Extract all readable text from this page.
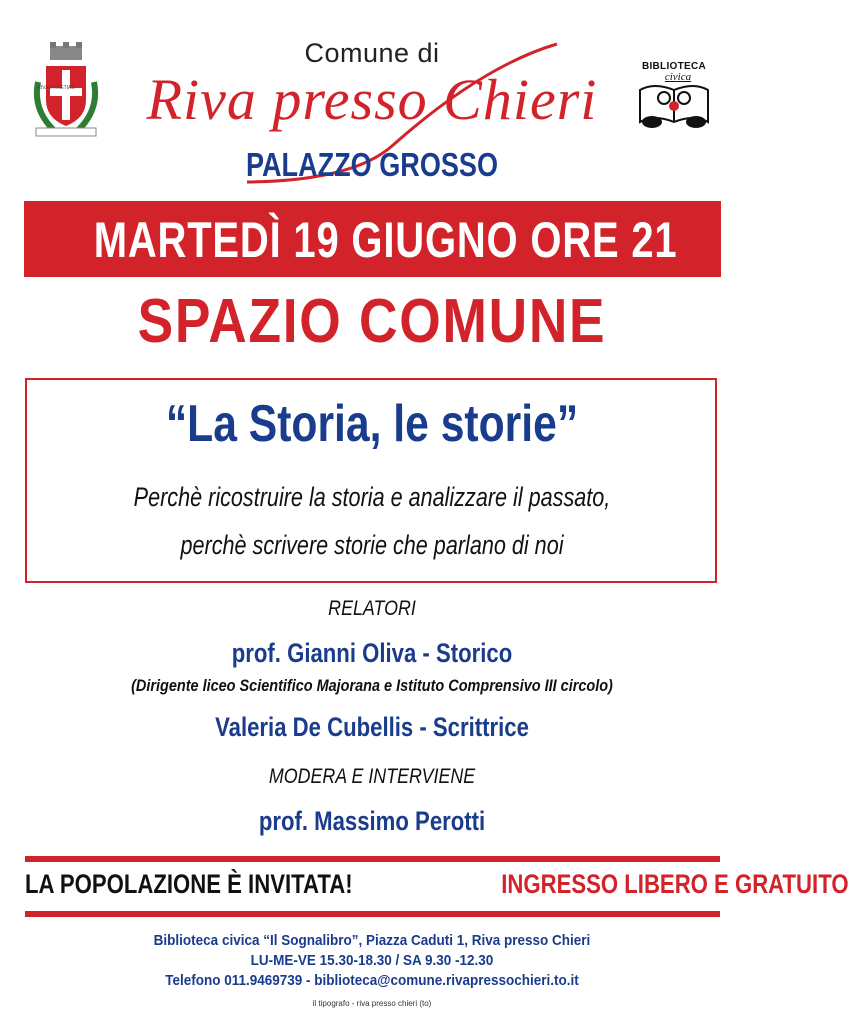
RIVAE RAETIAE
Comune di
Riva presso Chieri
BIBLIOTECA
civica
PALAZZO GROSSO
MARTEDÌ 19 GIUGNO ORE 21
SPAZIO COMUNE
“La Storia, le storie”
Perchè ricostruire la storia e analizzare il passato,
perchè scrivere storie che parlano di noi
RELATORI
prof. Gianni Oliva - Storico
(Dirigente liceo Scientifico Majorana e Istituto Comprensivo III circolo)
Valeria De Cubellis - Scrittrice
MODERA E INTERVIENE
prof. Massimo Perotti
LA POPOLAZIONE È INVITATA!	INGRESSO LIBERO E GRATUITO
Biblioteca civica “Il Sognalibro”, Piazza Caduti 1, Riva presso Chieri
LU-ME-VE 15.30-18.30 / SA 9.30 -12.30
Telefono 011.9469739 - biblioteca@comune.rivapressochieri.to.it
il tipografo - riva presso chieri (to)
